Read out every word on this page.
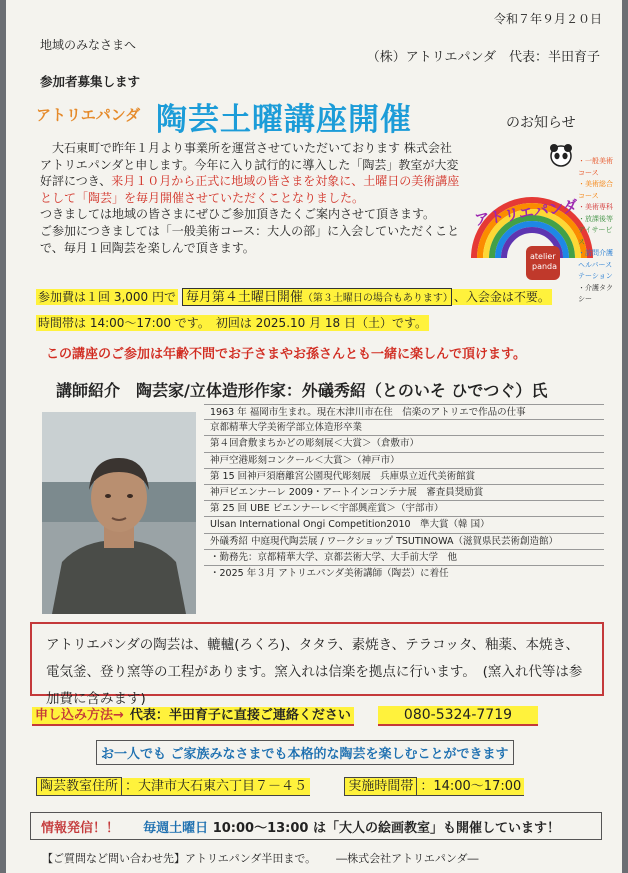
令和７年９月２０日
地域のみなさまへ
（株）アトリエパンダ　代表：半田育子
参加者募集します
アトリエパンダ 陶芸土曜講座開催	のお知らせ
　大石東町で昨年１月より事業所を運営させていただいております 株式会社アトリエパンダと申します。今年に入り試行的に導入した「陶芸」教室が大変好評につき、来月１０月から正式に地域の皆さまを対象に、土曜日の美術講座として「陶芸」を毎月開催させていただくことなりました。
つきましては地域の皆さまにぜひご参加頂きたくご案内させて頂きます。
ご参加につきましては「一般美術コース：大人の部」に入会していただくことで、毎月１回陶芸を楽しんで頂きます。
アトリエパンダ
atelier
panda
・一般美術コース
・美術総合コース
・美術専科
・放課後等デイサービス
・訪問介護ヘルパーステーション
・介護タクシー
参加費は１回 3,000 円で 毎月第４土曜日開催（第３土曜日の場合もあります） 、入会金は不要。
時間帯は 14:00～17:00 です。　初回は 2025.10 月 18 日（土）です。
この講座のご参加は年齢不問でお子さまやお孫さんとも一緒に楽しんで頂けます。
講師紹介　陶芸家/立体造形作家：外礒秀紹（とのいそ ひでつぐ）氏
1963 年 福岡市生まれ。現在木津川市在住　信楽のアトリエで作品の仕事
京都精華大学美術学部立体造形卒業
第４回倉敷まちかどの彫刻展＜大賞＞（倉敷市）
神戸空港彫刻コンクール＜大賞＞（神戸市）
第 15 回神戸須磨離宮公園現代彫刻展　兵庫県立近代美術館賞
神戸ビエンナーレ 2009・アートインコンテナ展　審査員奨励賞
第 25 回 UBE ビエンナーレ＜宇部興産賞＞（宇部市）
Ulsan International Ongi Competition2010　準大賞（韓 国）
外礒秀紹 中庭現代陶芸展 / ワークショップ TSUTINOWA（滋賀県民芸術創造館）
・勤務先：京都精華大学、京都芸術大学、大手前大学　他
・2025 年３月 アトリエパンダ美術講師（陶芸）に着任
アトリエパンダの陶芸は、轆轤(ろくろ)、タタラ、素焼き、テラコッタ、釉薬、本焼き、電気釜、登り窯等の工程があります。窯入れは信楽を拠点に行います。　(窯入れ代等は参加費に含みます)
申し込み方法→ 代表：半田育子に直接ご連絡ください	080-5324-7719
お一人でも ご家族みなさまでも本格的な陶芸を楽しむことができます
陶芸教室住所 ：大津市大石東六丁目７－４５	実施時間帯 ：14:00～17:00
情報発信！！ 毎週土曜日 10:00～13:00 は「大人の絵画教室」も開催しています！
【ご質問など問い合わせ先】アトリエパンダ半田まで。 ―株式会社アトリエパンダ―
